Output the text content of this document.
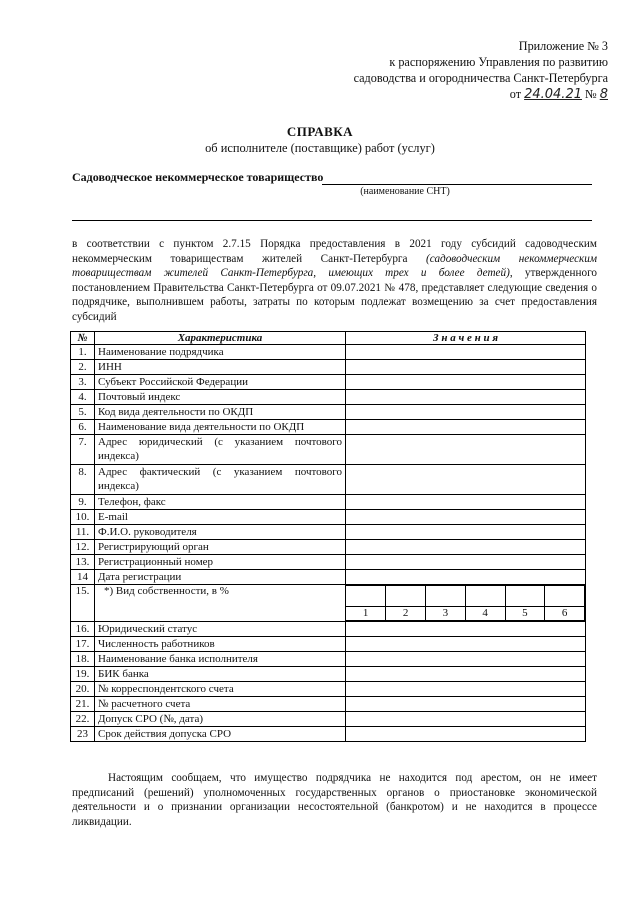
Приложение № 3
к распоряжению Управления по развитию
садоводства и огородничества Санкт-Петербурга
от 24.04.21 № 8
СПРАВКА
об исполнителе (поставщике) работ (услуг)
Садоводческое некоммерческое товарищество
(наименование СНТ)
в соответствии с пунктом 2.7.15 Порядка предоставления в 2021 году субсидий садоводческим некоммерческим товариществам жителей Санкт-Петербурга (садоводческим некоммерческим товариществам жителей Санкт-Петербурга, имеющих трех и более детей), утвержденного постановлением Правительства Санкт-Петербурга от 09.07.2021 № 478, представляет следующие сведения о подрядчике, выполнившем работы, затраты по которым подлежат возмещению за счет предоставления субсидий
№	Характеристика	З н а ч е н и я
1.	Наименование подрядчика	
2.	ИНН	
3.	Субъект Российской Федерации	
4.	Почтовый индекс	
5.	Код вида деятельности по ОКДП	
6.	Наименование вида деятельности по ОКДП	
7.	Адрес юридический (с указанием почтового индекса)	
8.	Адрес фактический (с указанием почтового индекса)	
9.	Телефон, факс	
10.	E-mail	
11.	Ф.И.О. руководителя	
12.	Регистрирующий орган	
13.	Регистрационный номер	
14	Дата регистрации	
15.	*) Вид собственности, в %	

1	2	3	4	5	6

16.	Юридический статус	
17.	Численность работников	
18.	Наименование банка исполнителя	
19.	БИК банка	
20.	№ корреспондентского счета	
21.	№ расчетного счета	
22.	Допуск СРО (№, дата)	
23	Срок действия допуска СРО	
Настоящим сообщаем, что имущество подрядчика не находится под арестом, он не имеет предписаний (решений) уполномоченных государственных органов о приостановке экономической деятельности и о признании организации несостоятельной (банкротом) и не находится в процессе ликвидации.
